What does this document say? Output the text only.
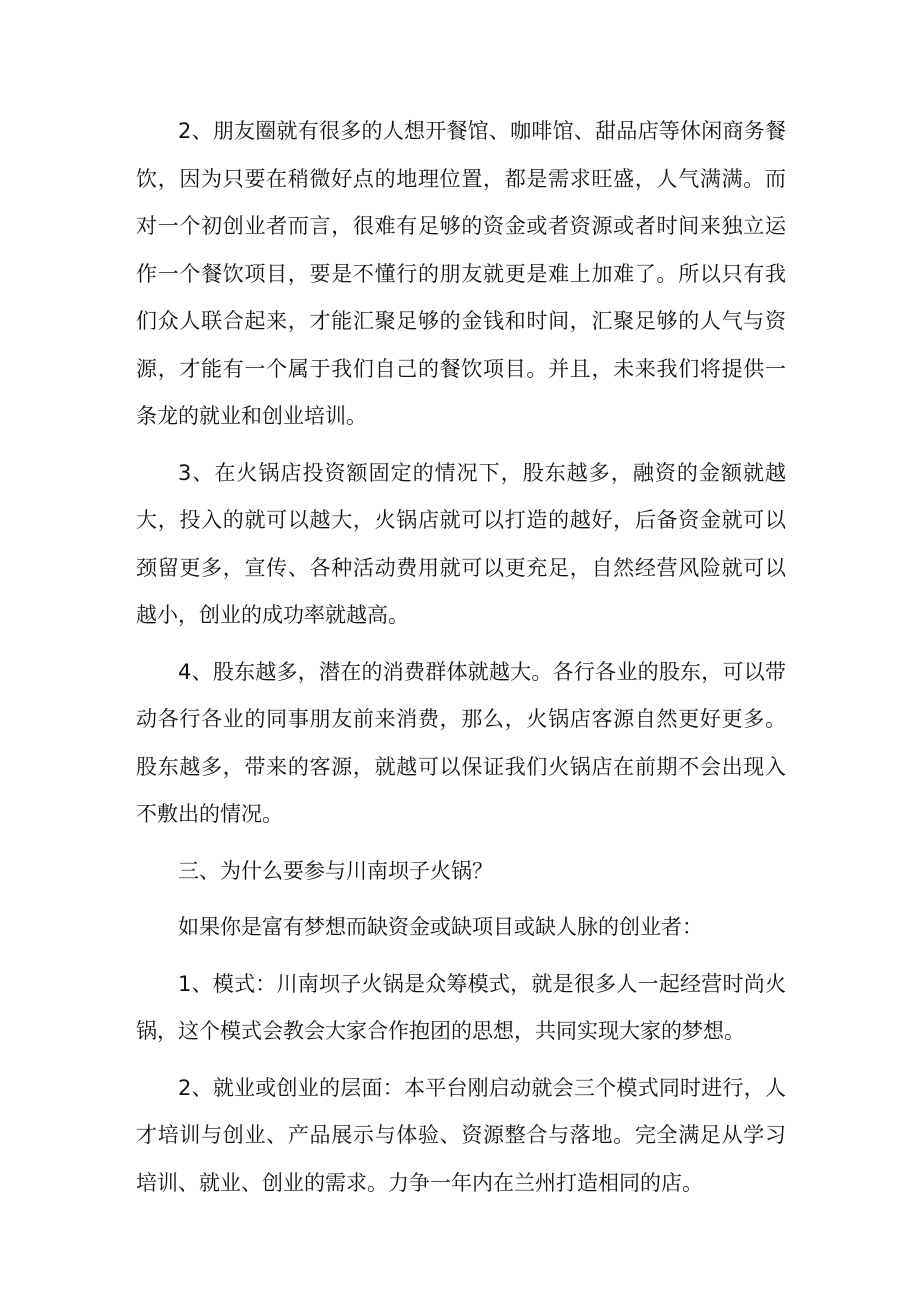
2、朋友圈就有很多的人想开餐馆、咖啡馆、甜品店等休闲商务餐饮，因为只要在稍微好点的地理位置，都是需求旺盛，人气满满。而对一个初创业者而言，很难有足够的资金或者资源或者时间来独立运作一个餐饮项目，要是不懂行的朋友就更是难上加难了。所以只有我们众人联合起来，才能汇聚足够的金钱和时间，汇聚足够的人气与资源，才能有一个属于我们自己的餐饮项目。并且，未来我们将提供一条龙的就业和创业培训。

3、在火锅店投资额固定的情况下，股东越多，融资的金额就越大，投入的就可以越大，火锅店就可以打造的越好，后备资金就可以颈留更多，宣传、各种活动费用就可以更充足，自然经营风险就可以越小，创业的成功率就越高。

4、股东越多，潜在的消费群体就越大。各行各业的股东，可以带动各行各业的同事朋友前来消费，那么，火锅店客源自然更好更多。股东越多，带来的客源，就越可以保证我们火锅店在前期不会出现入不敷出的情况。

三、为什么要参与川南坝子火锅？

如果你是富有梦想而缺资金或缺项目或缺人脉的创业者：

1、模式：川南坝子火锅是众筹模式，就是很多人一起经营时尚火锅，这个模式会教会大家合作抱团的思想，共同实现大家的梦想。

2、就业或创业的层面：本平台刚启动就会三个模式同时进行，人才培训与创业、产品展示与体验、资源整合与落地。完全满足从学习培训、就业、创业的需求。力争一年内在兰州打造相同的店。
